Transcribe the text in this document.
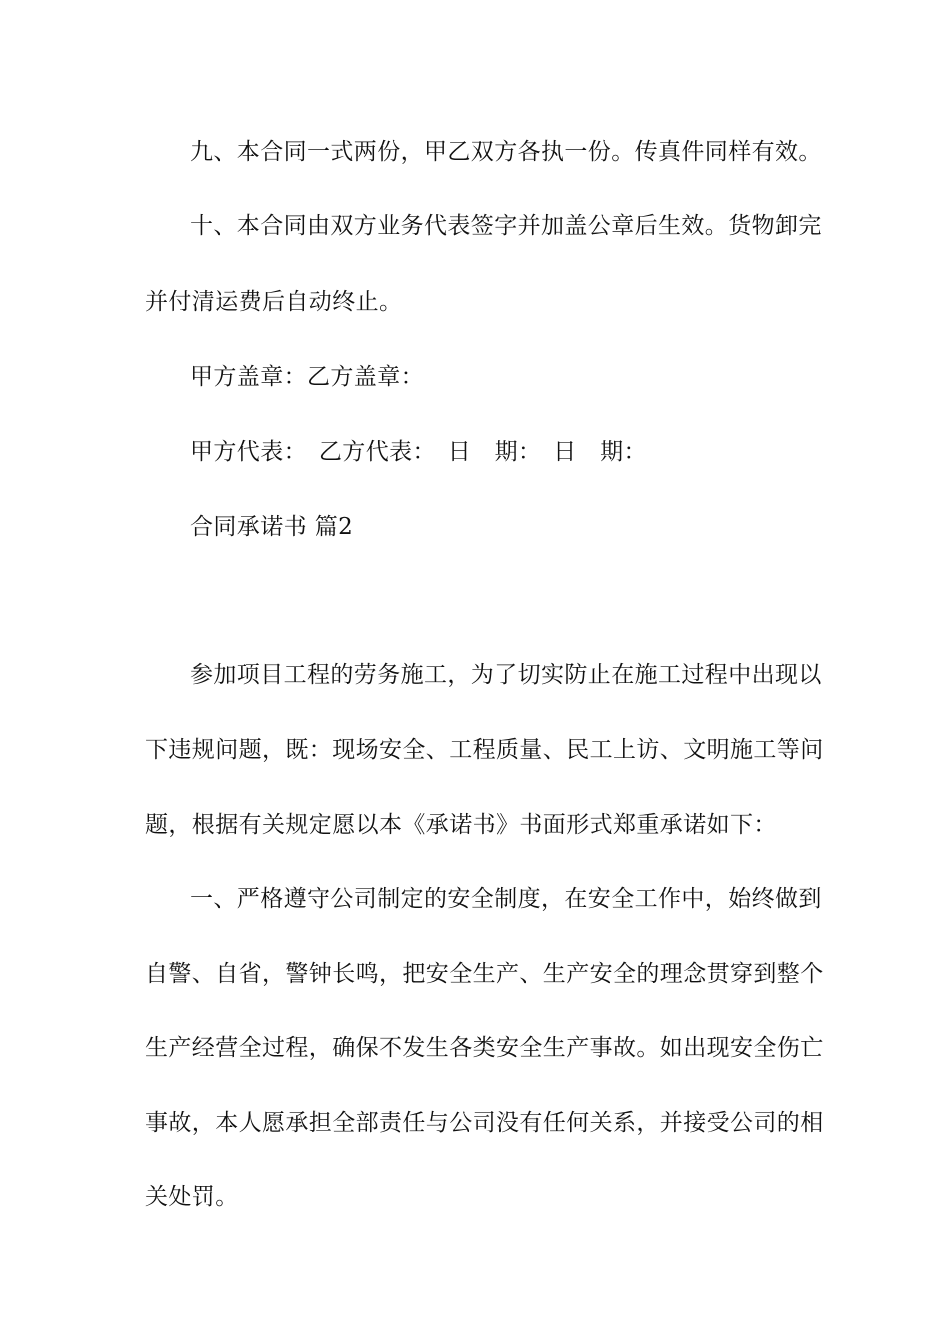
九、本合同一式两份，甲乙双方各执一份。传真件同样有效。
十、本合同由双方业务代表签字并加盖公章后生效。货物卸完
并付清运费后自动终止。
甲方盖章：乙方盖章：
甲方代表：　乙方代表：　日　期：　日　期：
合同承诺书 篇2
参加项目工程的劳务施工，为了切实防止在施工过程中出现以
下违规问题，既：现场安全、工程质量、民工上访、文明施工等问
题，根据有关规定愿以本《承诺书》书面形式郑重承诺如下：
一、严格遵守公司制定的安全制度，在安全工作中，始终做到
自警、自省，警钟长鸣，把安全生产、生产安全的理念贯穿到整个
生产经营全过程，确保不发生各类安全生产事故。如出现安全伤亡
事故，本人愿承担全部责任与公司没有任何关系，并接受公司的相
关处罚。
